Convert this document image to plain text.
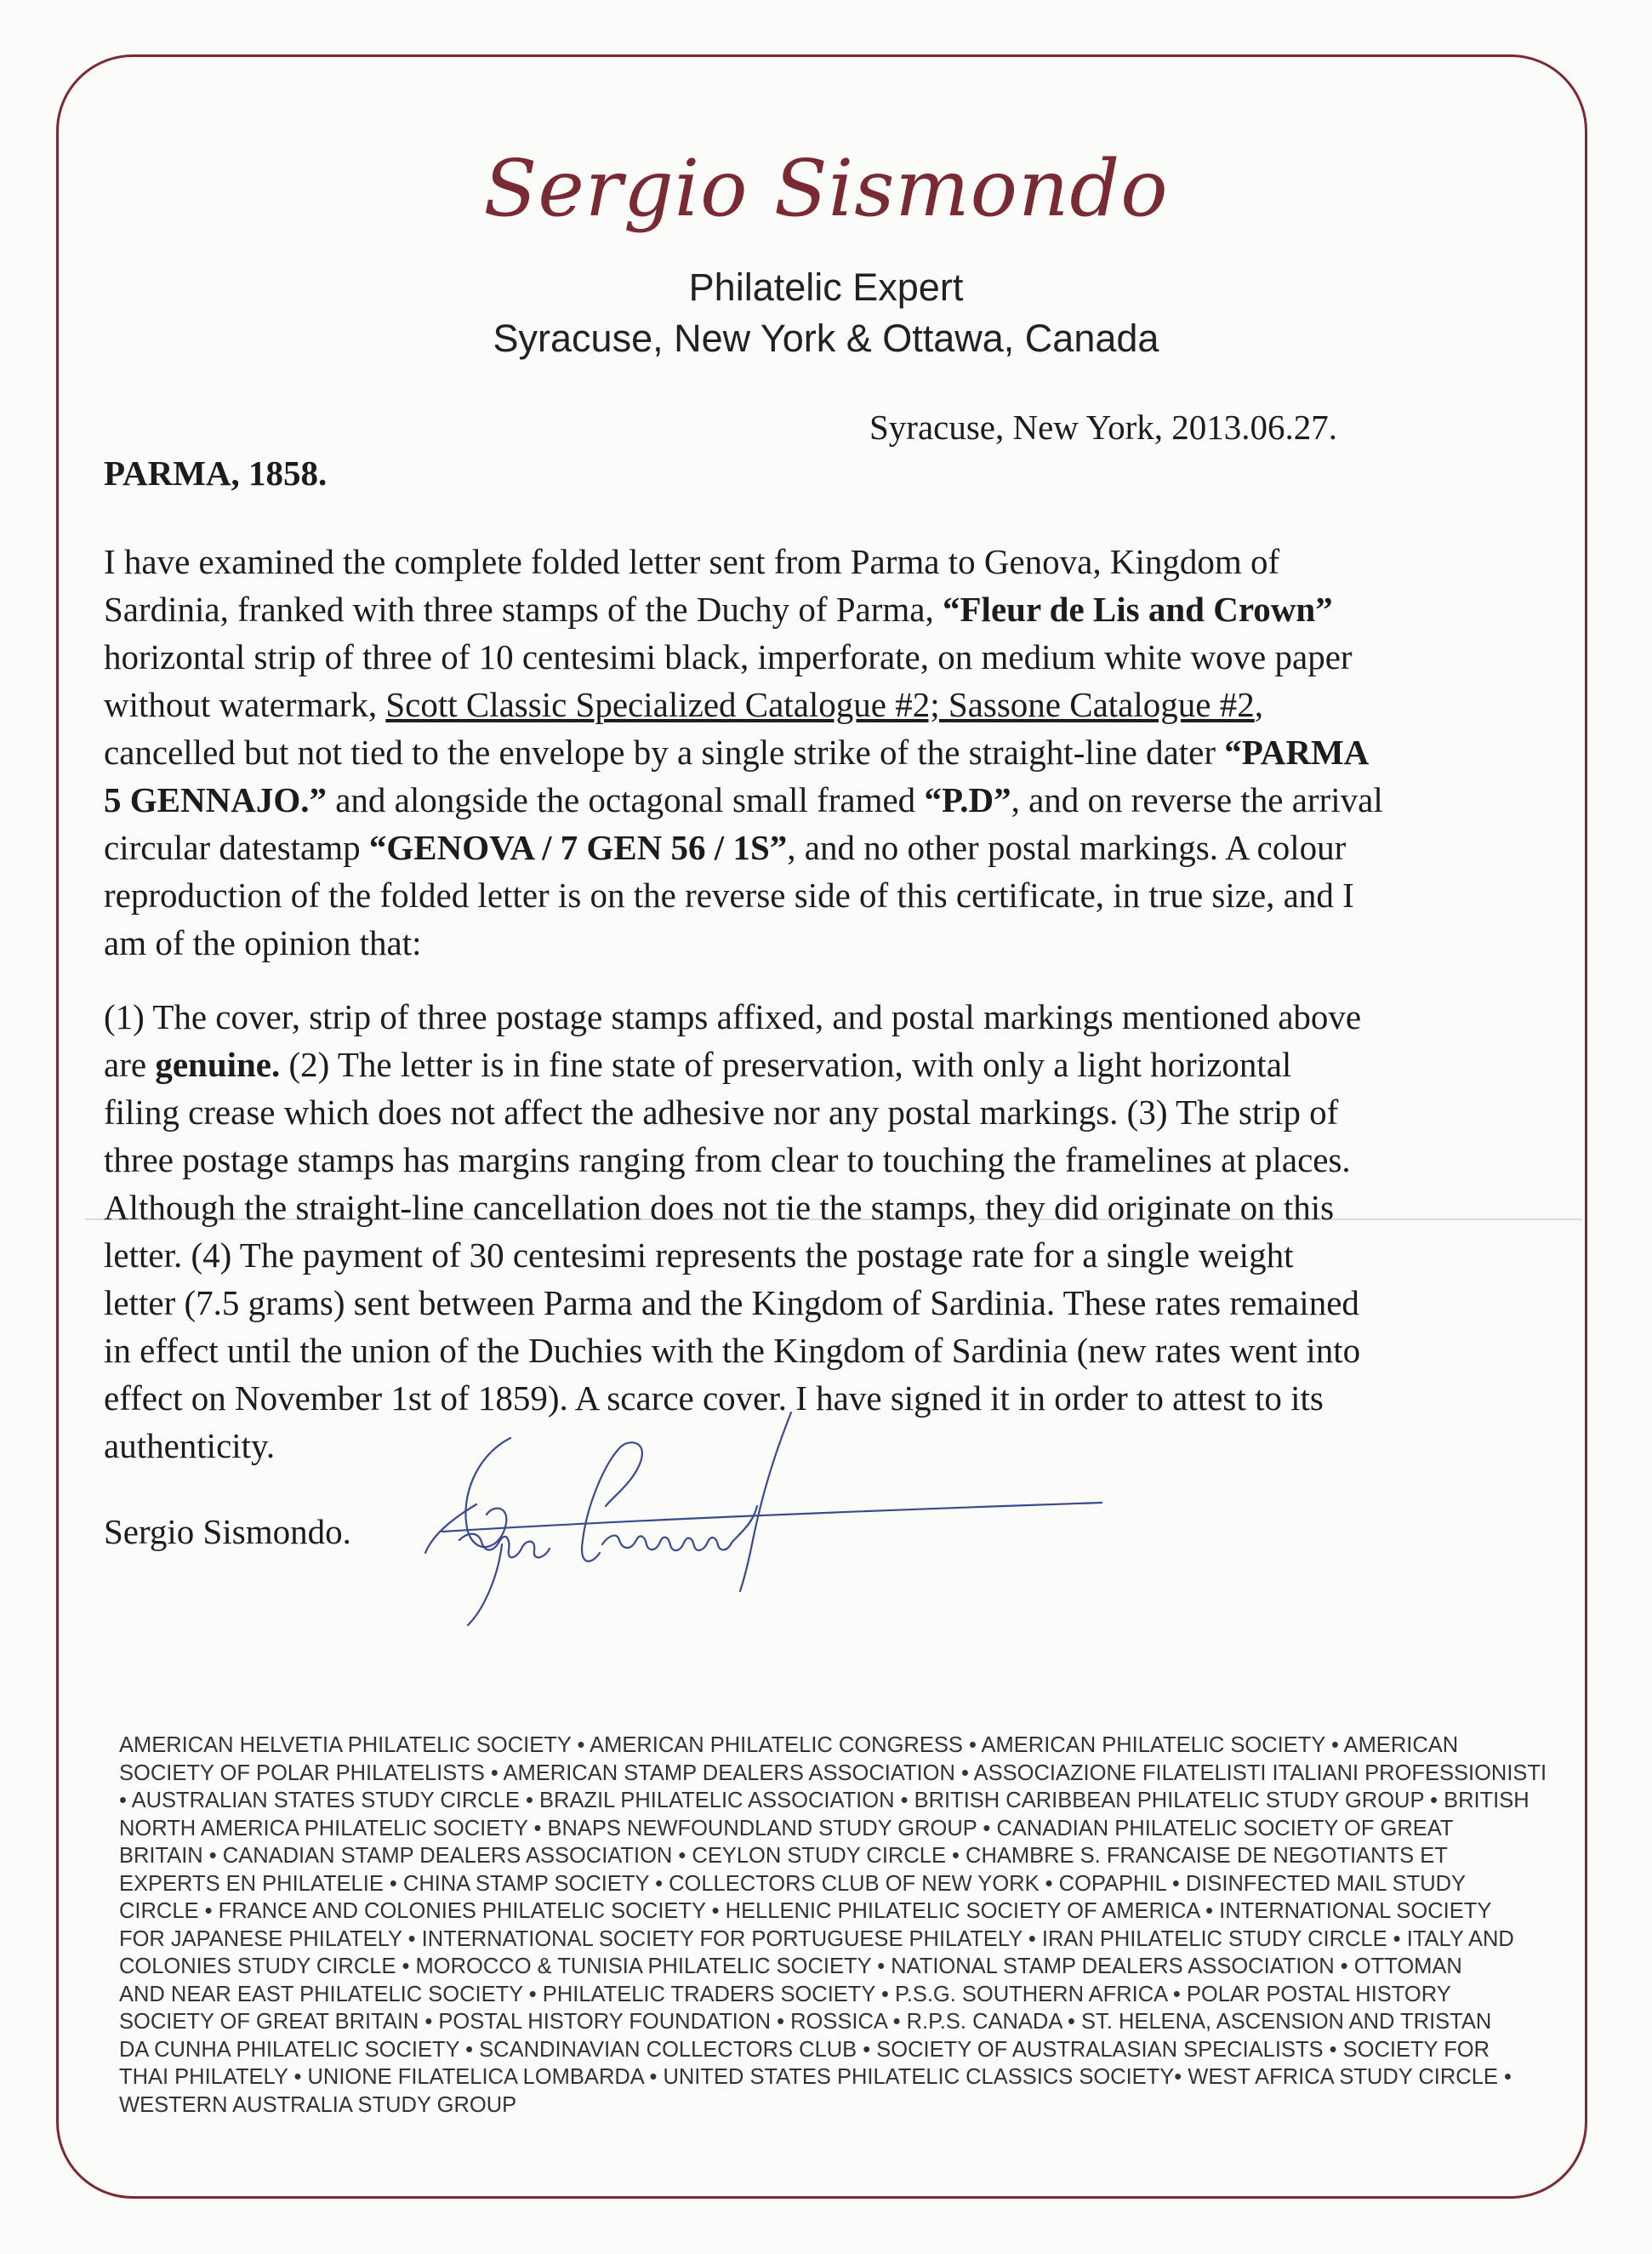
Sergio Sismondo
Philatelic Expert
Syracuse, New York & Ottawa, Canada
Syracuse, New York, 2013.06.27.
PARMA, 1858.

I have examined the complete folded letter sent from Parma to Genova, Kingdom of

Sardinia, franked with three stamps of the Duchy of Parma, “Fleur de Lis and Crown”

horizontal strip of three of 10 centesimi black, imperforate, on medium white wove paper

without watermark, Scott Classic Specialized Catalogue #2; Sassone Catalogue #2,

cancelled but not tied to the envelope by a single strike of the straight-line dater “PARMA

5 GENNAJO.” and alongside the octagonal small framed “P.D”, and on reverse the arrival

circular datestamp “GENOVA / 7 GEN 56 / 1S”, and no other postal markings. A colour

reproduction of the folded letter is on the reverse side of this certificate, in true size, and I

am of the opinion that:

(1) The cover, strip of three postage stamps affixed, and postal markings mentioned above

are genuine. (2) The letter is in fine state of preservation, with only a light horizontal

filing crease which does not affect the adhesive nor any postal markings. (3) The strip of

three postage stamps has margins ranging from clear to touching the framelines at places.

Although the straight-line cancellation does not tie the stamps, they did originate on this

letter. (4) The payment of 30 centesimi represents the postage rate for a single weight

letter (7.5 grams) sent between Parma and the Kingdom of Sardinia. These rates remained

in effect until the union of the Duchies with the Kingdom of Sardinia (new rates went into

effect on November 1st of 1859). A scarce cover. I have signed it in order to attest to its

authenticity.

Sergio Sismondo.

AMERICAN HELVETIA PHILATELIC SOCIETY • AMERICAN PHILATELIC CONGRESS • AMERICAN PHILATELIC SOCIETY • AMERICAN

SOCIETY OF POLAR PHILATELISTS • AMERICAN STAMP DEALERS ASSOCIATION • ASSOCIAZIONE FILATELISTI ITALIANI PROFESSIONISTI

• AUSTRALIAN STATES STUDY CIRCLE • BRAZIL PHILATELIC ASSOCIATION • BRITISH CARIBBEAN PHILATELIC STUDY GROUP • BRITISH

NORTH AMERICA PHILATELIC SOCIETY • BNAPS NEWFOUNDLAND STUDY GROUP • CANADIAN PHILATELIC SOCIETY OF GREAT

BRITAIN • CANADIAN STAMP DEALERS ASSOCIATION • CEYLON STUDY CIRCLE • CHAMBRE S. FRANCAISE DE NEGOTIANTS ET

EXPERTS EN PHILATELIE • CHINA STAMP SOCIETY • COLLECTORS CLUB OF NEW YORK • COPAPHIL • DISINFECTED MAIL STUDY

CIRCLE • FRANCE AND COLONIES PHILATELIC SOCIETY • HELLENIC PHILATELIC SOCIETY OF AMERICA • INTERNATIONAL SOCIETY

FOR JAPANESE PHILATELY • INTERNATIONAL SOCIETY FOR PORTUGUESE PHILATELY • IRAN PHILATELIC STUDY CIRCLE • ITALY AND

COLONIES STUDY CIRCLE • MOROCCO & TUNISIA PHILATELIC SOCIETY • NATIONAL STAMP DEALERS ASSOCIATION • OTTOMAN

AND NEAR EAST PHILATELIC SOCIETY • PHILATELIC TRADERS SOCIETY • P.S.G. SOUTHERN AFRICA • POLAR POSTAL HISTORY

SOCIETY OF GREAT BRITAIN • POSTAL HISTORY FOUNDATION • ROSSICA • R.P.S. CANADA • ST. HELENA, ASCENSION AND TRISTAN

DA CUNHA PHILATELIC SOCIETY • SCANDINAVIAN COLLECTORS CLUB • SOCIETY OF AUSTRALASIAN SPECIALISTS • SOCIETY FOR

THAI PHILATELY • UNIONE FILATELICA LOMBARDA • UNITED STATES PHILATELIC CLASSICS SOCIETY• WEST AFRICA STUDY CIRCLE •

WESTERN AUSTRALIA STUDY GROUP
